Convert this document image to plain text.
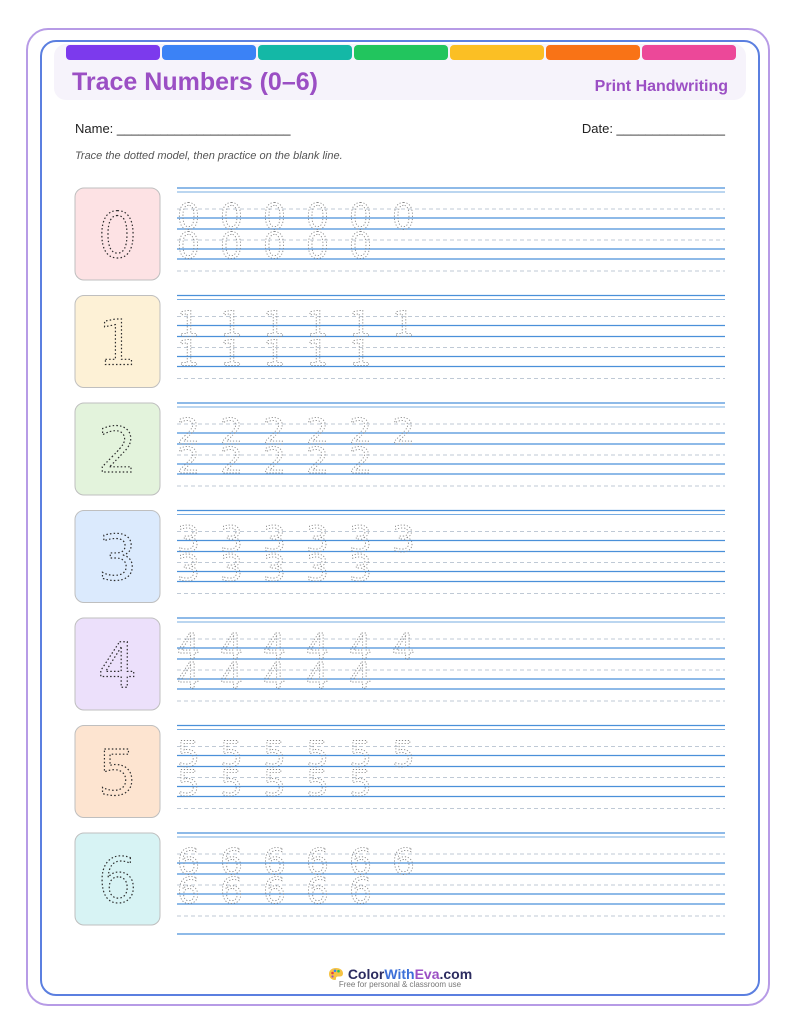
Trace Numbers (0–6)	Print Handwriting
Name: ________________________	Date: _______________
Trace the dotted model, then practice on the blank line.
0 0 0 0 0 0 0
0 0 0 0 0
1 1 1 1 1 1 1
1 1 1 1 1
2 2 2 2 2 2 2
2 2 2 2 2
3 3 3 3 3 3 3
3 3 3 3 3
4 4 4 4 4 4 4
4 4 4 4 4
5 5 5 5 5 5 5
5 5 5 5 5
6 6 6 6 6 6 6
6 6 6 6 6
ColorWithEva.com
Free for personal & classroom use
